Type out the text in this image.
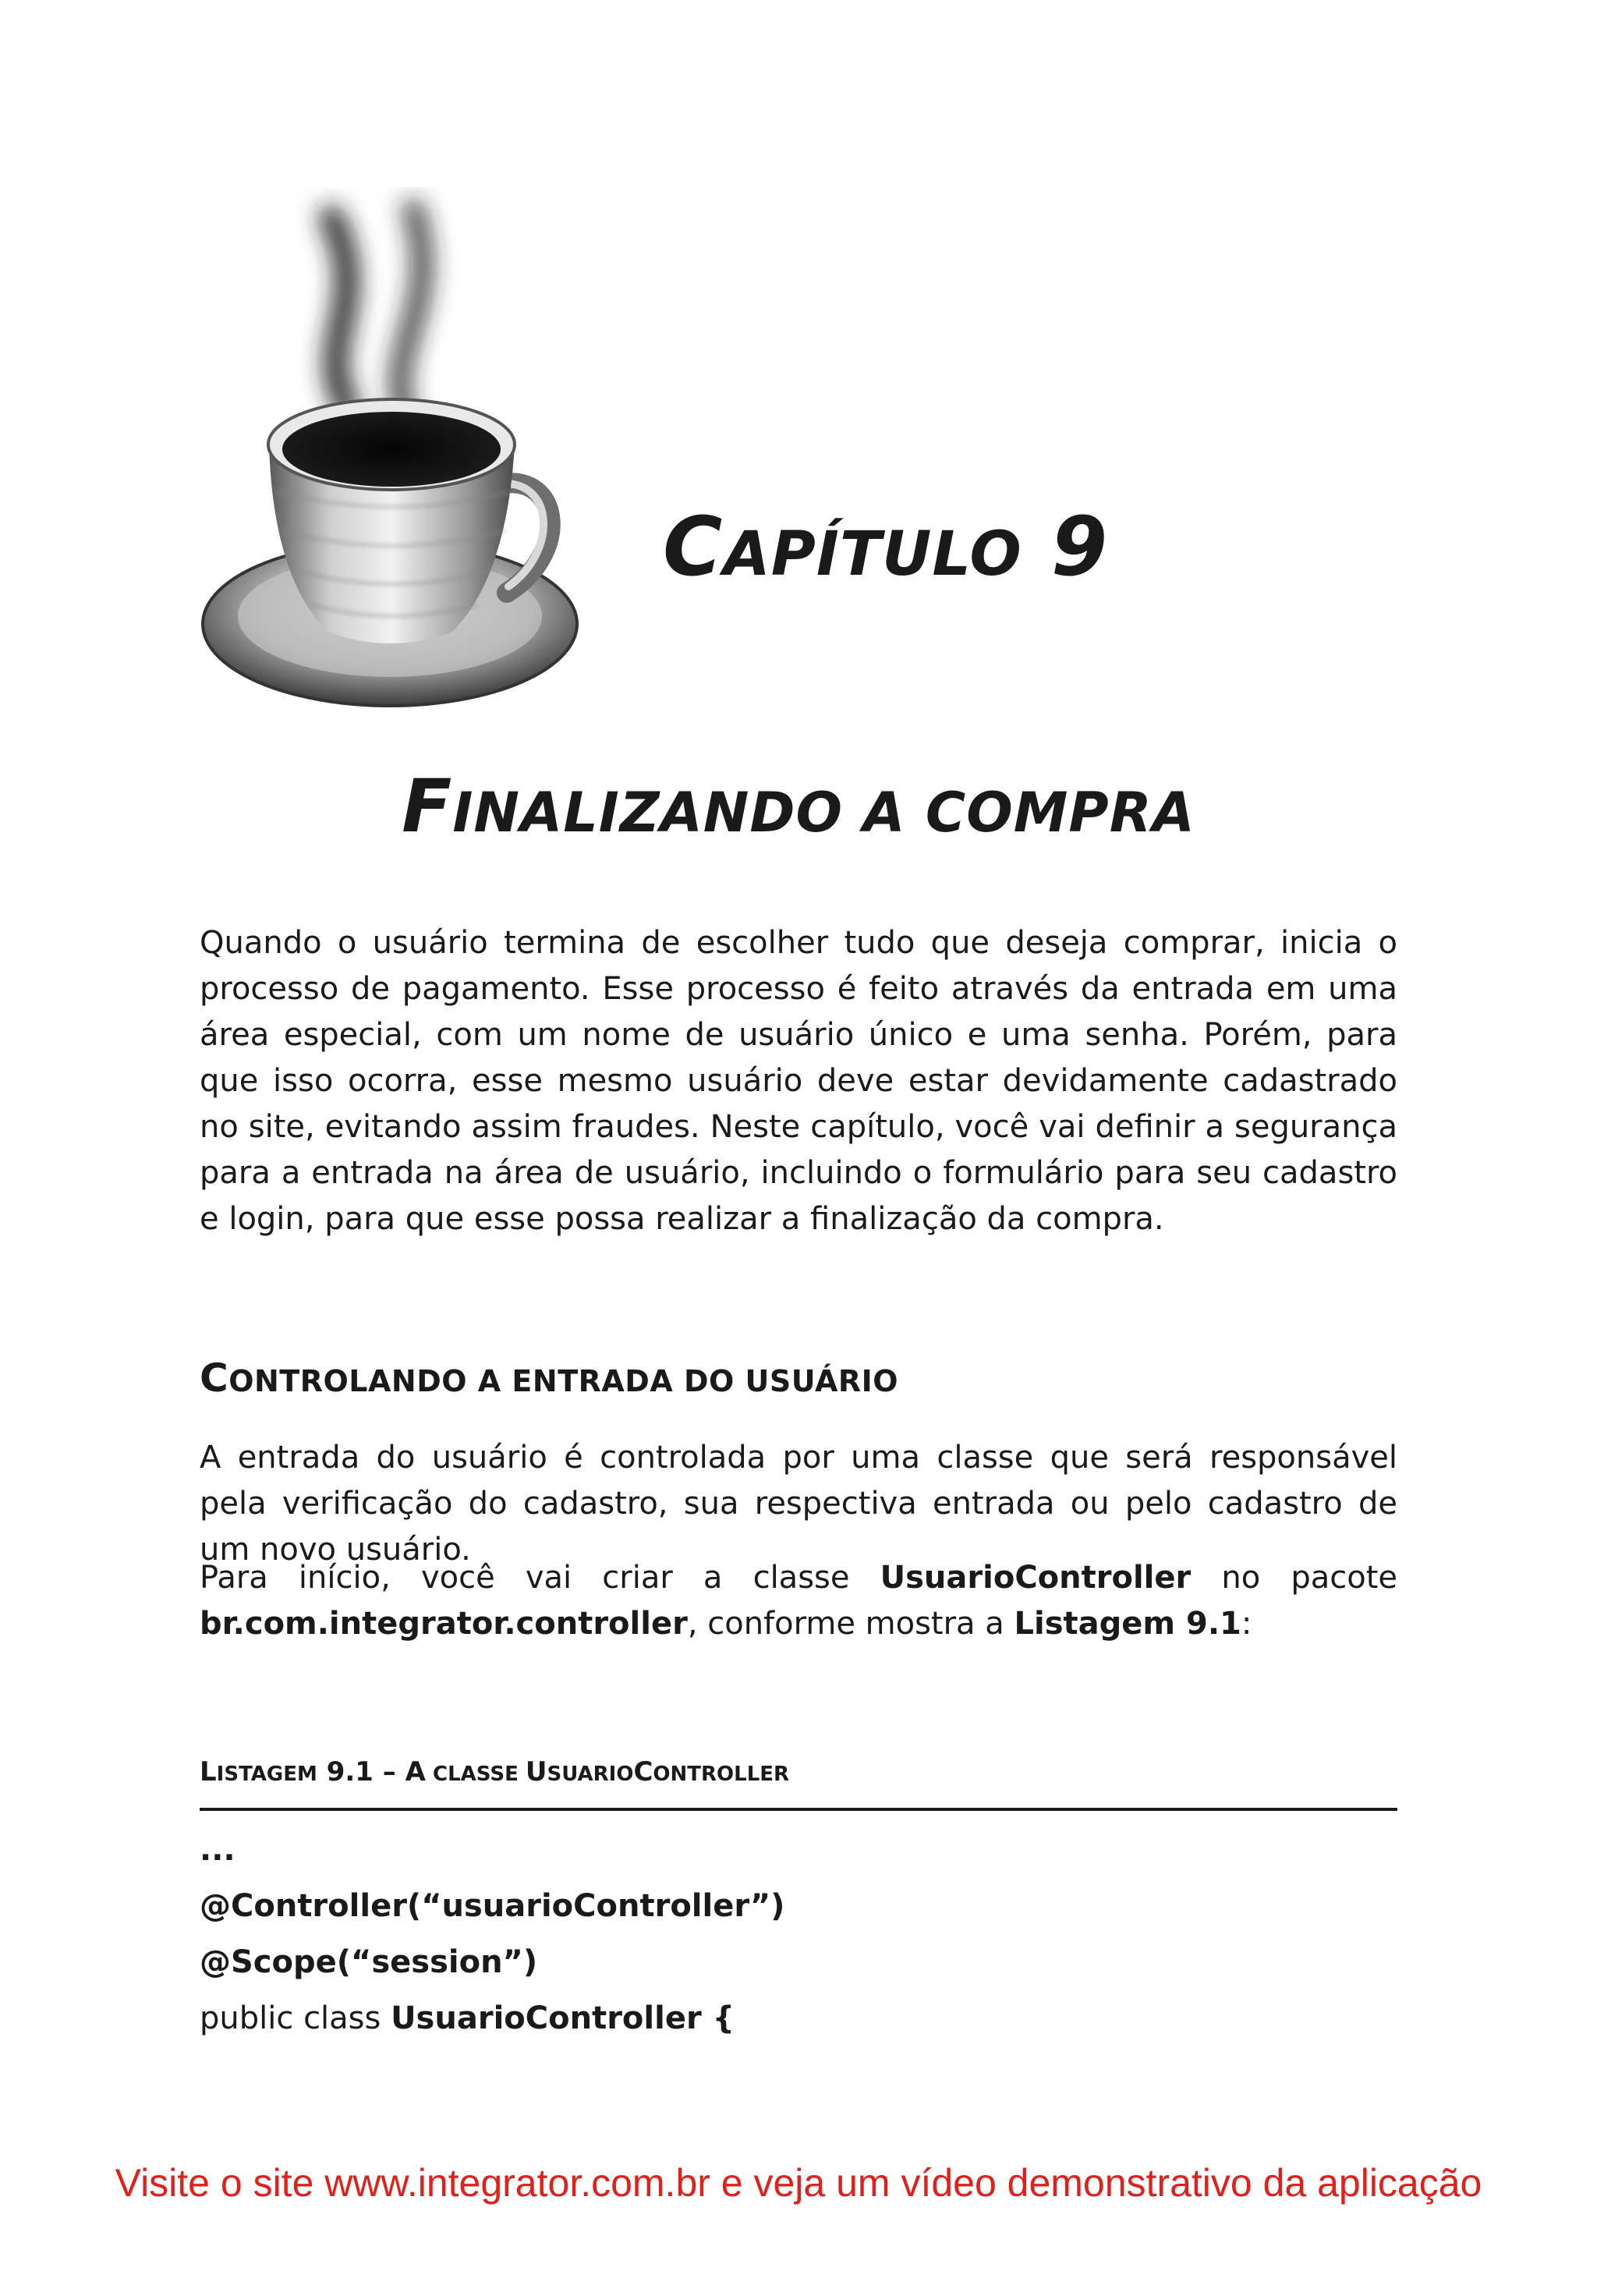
CAPÍTULO 9
FINALIZANDO A COMPRA

Quando o usuário termina de escolher tudo que deseja comprar, inicia o processo de pagamento. Esse processo é feito através da entrada em uma área especial, com um nome de usuário único e uma senha. Porém, para que isso ocorra, esse mesmo usuário deve estar devidamente cadastrado no site, evitando assim fraudes. Neste capítulo, você vai definir a segurança para a entrada na área de usuário, incluindo o formulário para seu cadastro e login, para que esse possa realizar a finalização da compra.

CONTROLANDO A ENTRADA DO USUÁRIO

A entrada do usuário é controlada por uma classe que será responsável pela verificação do cadastro, sua respectiva entrada ou pelo cadastro de um novo usuário.

Para início, você vai criar a classe UsuarioController no pacote br.com.integrator.controller, conforme mostra a Listagem 9.1:

LISTAGEM 9.1 – A CLASSE USUARIOCONTROLLER
...
@Controller(“usuarioController”)
@Scope(“session”)
public class UsuarioController {
Visite o site www.integrator.com.br e veja um vídeo demonstrativo da aplicação
